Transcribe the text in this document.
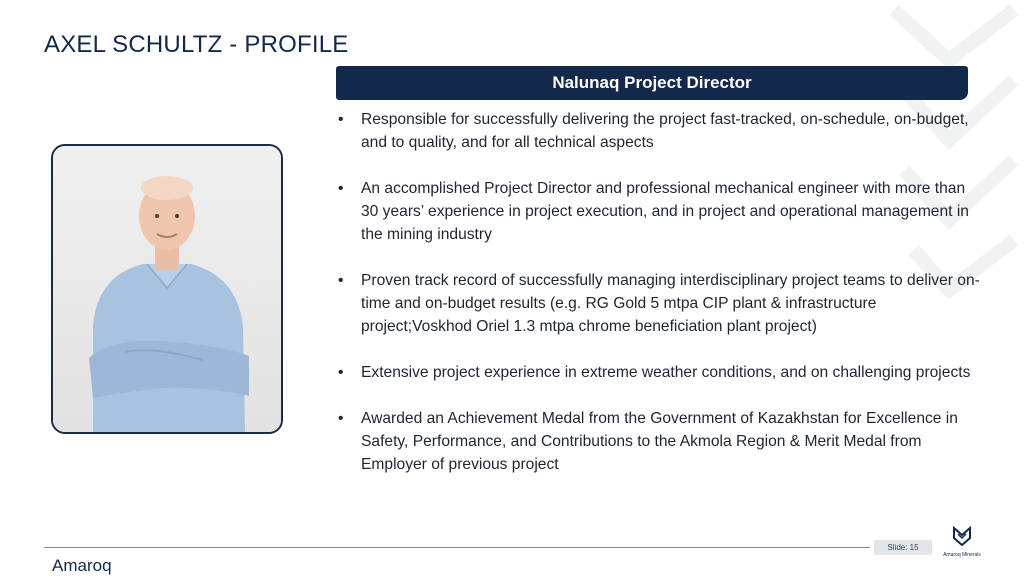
AXEL SCHULTZ - PROFILE
Nalunaq Project Director
• Responsible for successfully delivering the project fast-tracked, on-schedule, on-budget, and to quality, and for all technical aspects
• An accomplished Project Director and professional mechanical engineer with more than 30 years’ experience in project execution, and in project and operational management in the mining industry
• Proven track record of successfully managing interdisciplinary project teams to deliver on-time and on-budget results (e.g. RG Gold 5 mtpa CIP plant & infrastructure project;Voskhod Oriel 1.3 mtpa chrome beneficiation plant project)
• Extensive project experience in extreme weather conditions, and on challenging projects
• Awarded an Achievement Medal from the Government of Kazakhstan for Excellence in Safety, Performance, and Contributions to the Akmola Region & Merit Medal from Employer of previous project
Amaroq
Slide: 15
Amaroq Minerals
